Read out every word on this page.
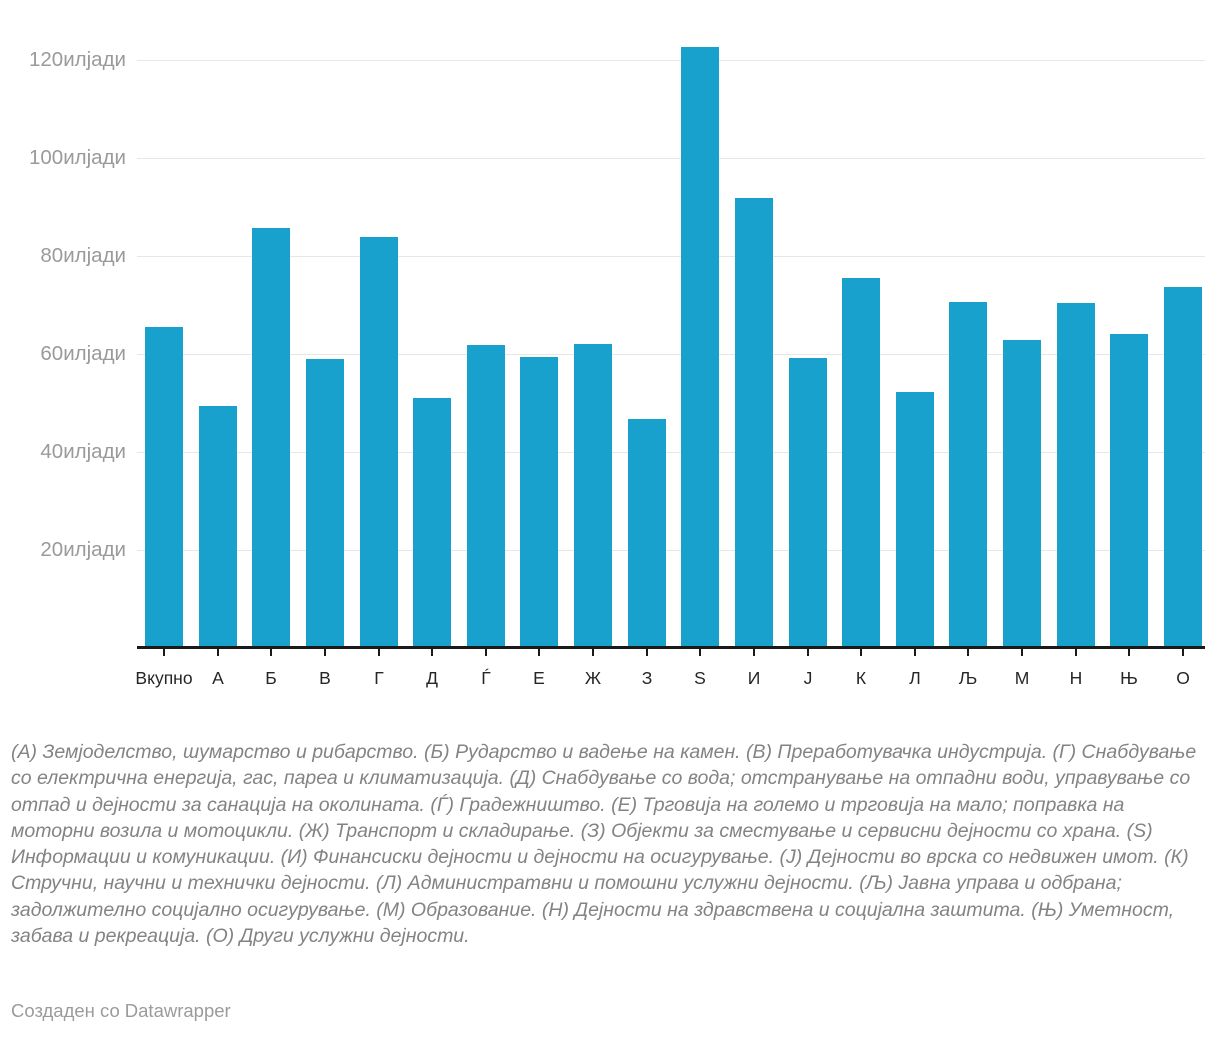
20илјади
40илјади
60илјади
80илјади
100илјади
120илјади
Вкупно	А	Б	В	Г	Д	Ѓ	Е	Ж	З	Ѕ	И	Ј	К	Л	Љ	М	Н	Њ	О
(А) Земјоделство, шумарство и рибарство. (Б) Рударство и вадење на камен. (В) Преработувачка индустрија. (Г) Снабдување со електрична енергија, гас, пареа и климатизација. (Д) Снабдување со вода; отстранување на отпадни води, управување со отпад и дејности за санација на околината. (Ѓ) Градежништво. (Е) Трговија на големо и трговија на мало; поправка на моторни возила и мотоцикли. (Ж) Транспорт и складирање. (З) Објекти за сместување и сервисни дејности со храна. (Ѕ) Информации и комуникации. (И) Финансиски дејности и дејности на осигурување. (Ј) Дејности во врска со недвижен имот. (К) Стручни, научни и технички дејности. (Л) Администратвни и помошни услужни дејности. (Љ) Јавна управа и одбрана; задолжително социјално осигурување. (М) Образование. (Н) Дејности на здравствена и социјална заштита. (Њ) Уметност, забава и рекреација. (О) Други услужни дејности.
Создаден со Datawrapper
